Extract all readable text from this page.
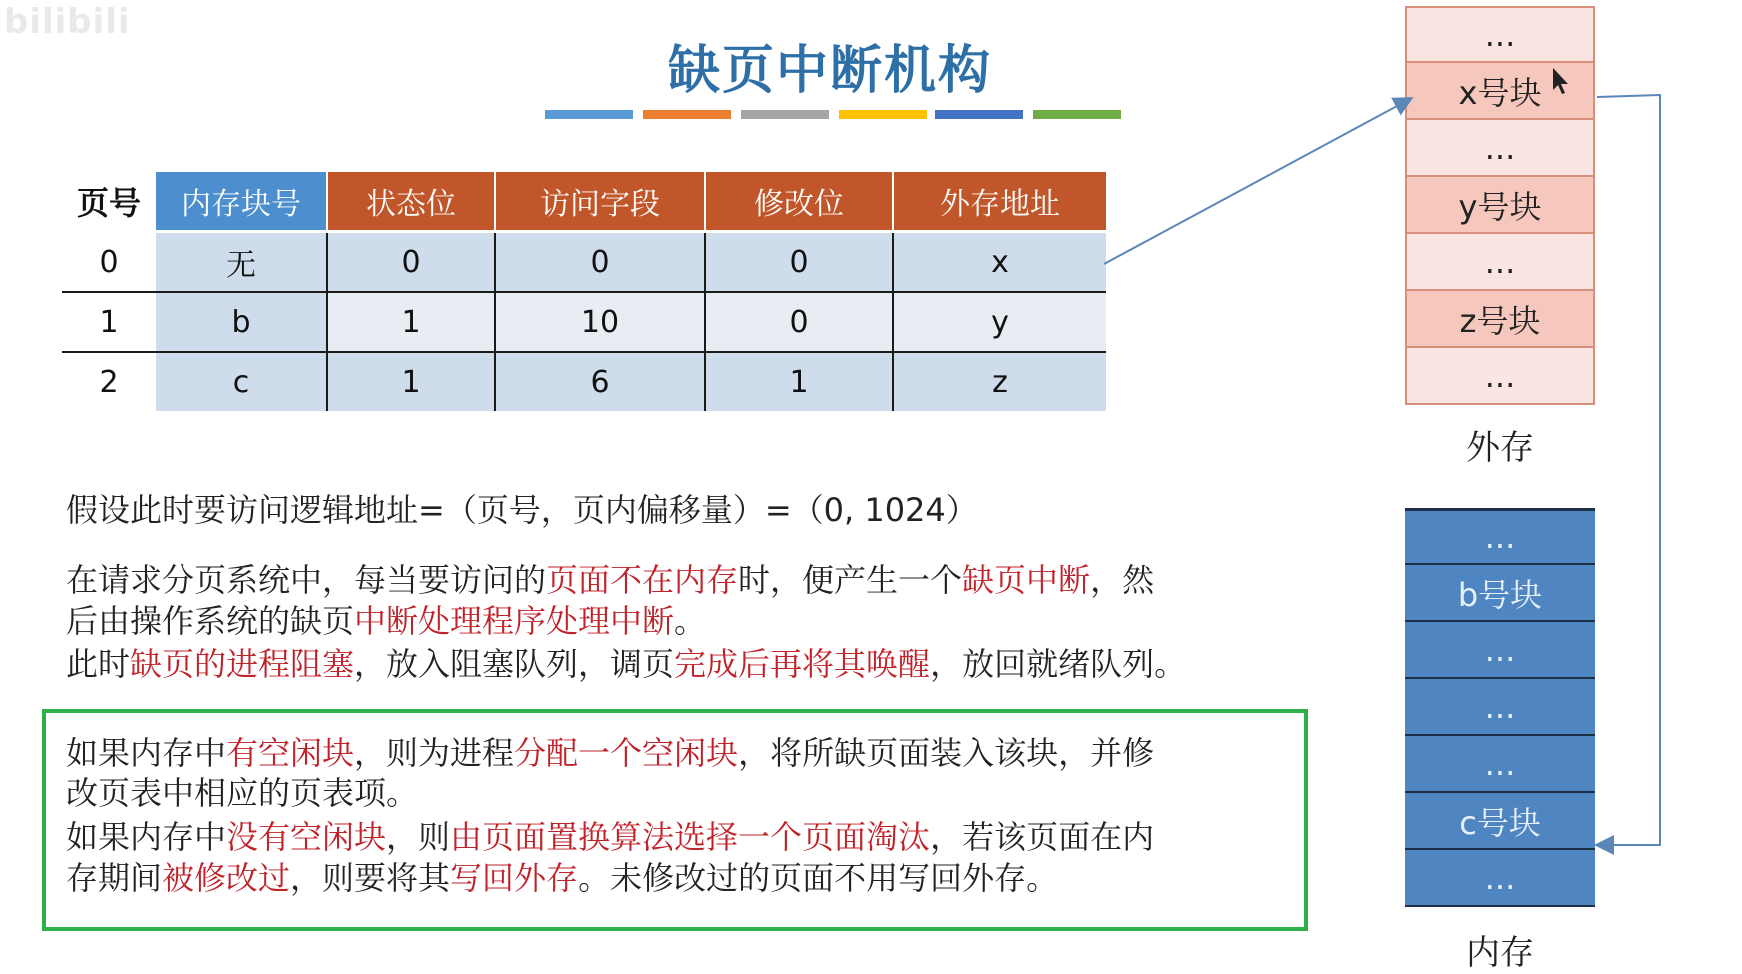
bilibili
缺页中断机构
页号	内存块号	状态位	访问字段	修改位	外存地址
0	无	0	0	0	x
1	b	1	10	0	y
2	c	1	6	1	z
假设此时要访问逻辑地址=（页号，页内偏移量）=（0, 1024）
在请求分页系统中，每当要访问的页面不在内存时，便产生一个缺页中断，然
后由操作系统的缺页中断处理程序处理中断。
此时缺页的进程阻塞，放入阻塞队列，调页完成后再将其唤醒，放回就绪队列。
如果内存中有空闲块，则为进程分配一个空闲块，将所缺页面装入该块，并修
改页表中相应的页表项。
如果内存中没有空闲块，则由页面置换算法选择一个页面淘汰，若该页面在内
存期间被修改过，则要将其写回外存。未修改过的页面不用写回外存。
...
x号块
...
y号块
...
z号块
...
外存
...
b号块
...
...
...
c号块
...
内存
